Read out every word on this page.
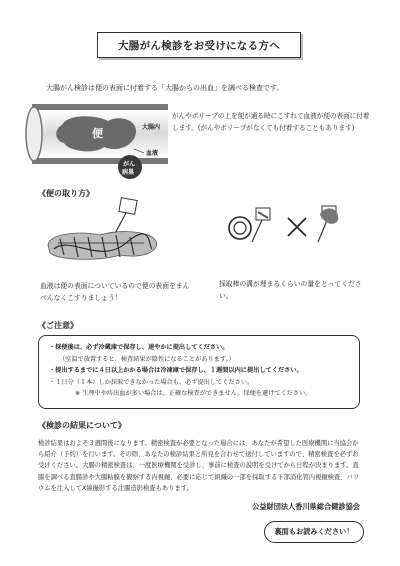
大腸がん検診をお受けになる方へ
大腸がん検診は便の表面に付着する「大腸からの出血」を調べる検査です。
便	大腸内
血液
がん病巣
がんやポリープの上を便が通る時にこすれて血液が便の表面に付着します。(がんやポリープがなくても付着することもあります)
《便の取り方》
血液は便の表面についているので便の表面をまんべんなくこすりましょう！
採取棒の溝が埋まるくらいの量をとってください。
《ご注意》
・採便後は、必ず冷蔵庫で保存し、速やかに提出してください。
（室温で放置すると、検査結果が陰性になることがあります。）
・提出するまでに４日以上かかる場合は冷凍庫で保存し、１週間以内に提出してください。
・１日分（１本）しか採取できなかった場合も、必ず提出してください。
※ 生理中や痔出血が多い場合は、正確な検査ができません。採便を避けてください。
《検診の結果について》
検診結果はおよそ３週間後になります。精密検査が必要となった場合には、あなたが希望した医療機関に当協会から紹介（予約）を行います。その際、あなたの検診結果と所見を合わせて送付していますので、精密検査を必ずお受けください。大腸の精密検査は、一度医療機関を受診し、事前に検査の説明を受けてから日程が決まります。直腸を調べる直腸診や大腸粘膜を観察する内視鏡、必要に応じて組織の一部を採取する下部消化管内視鏡検査、バリウムを注入してX線撮影する注腸造影検査もあります。
公益財団法人香川県総合健診協会
裏面もお読みください！
